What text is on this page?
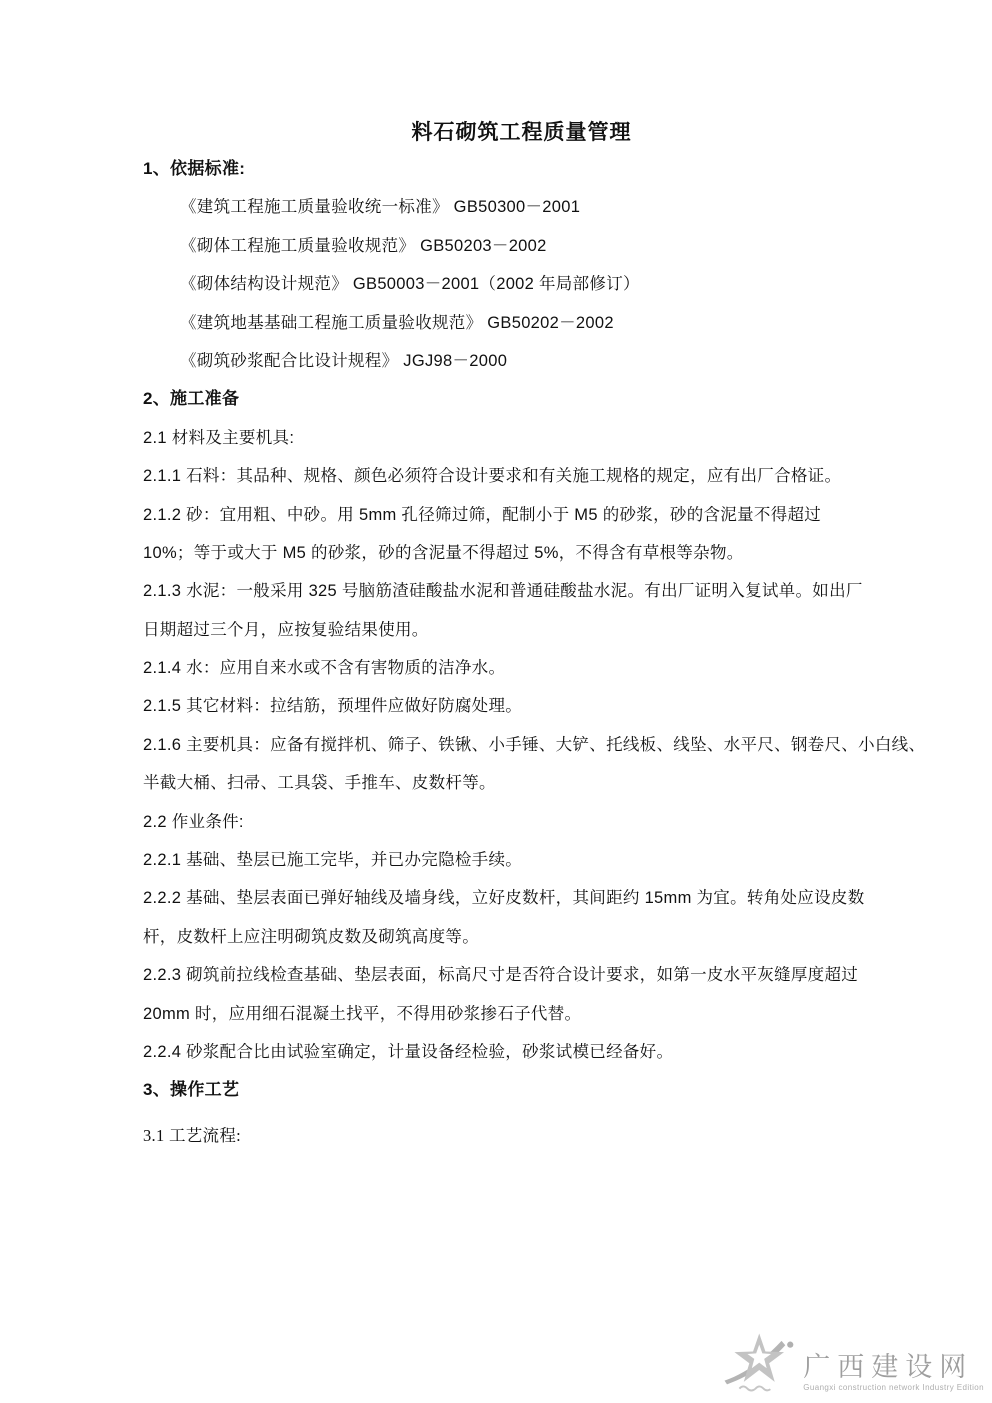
料石砌筑工程质量管理
1、依据标准:
《建筑工程施工质量验收统一标准》 GB50300－2001
《砌体工程施工质量验收规范》 GB50203－2002
《砌体结构设计规范》 GB50003－2001（2002 年局部修订）
《建筑地基基础工程施工质量验收规范》 GB50202－2002
《砌筑砂浆配合比设计规程》 JGJ98－2000
2、施工准备
2.1 材料及主要机具:
2.1.1 石料：其品种、规格、颜色必须符合设计要求和有关施工规格的规定，应有出厂合格证。
2.1.2 砂：宜用粗、中砂。用 5mm 孔径筛过筛，配制小于 M5 的砂浆，砂的含泥量不得超过
10%；等于或大于 M5 的砂浆，砂的含泥量不得超过 5%，不得含有草根等杂物。
2.1.3 水泥：一般采用 325 号脑筋渣硅酸盐水泥和普通硅酸盐水泥。有出厂证明入复试单。如出厂
日期超过三个月，应按复验结果使用。
2.1.4 水：应用自来水或不含有害物质的洁净水。
2.1.5 其它材料：拉结筋，预埋件应做好防腐处理。
2.1.6 主要机具：应备有搅拌机、筛子、铁锹、小手锤、大铲、托线板、线坠、水平尺、钢卷尺、小白线、
半截大桶、扫帚、工具袋、手推车、皮数杆等。
2.2 作业条件:
2.2.1 基础、垫层已施工完毕，并已办完隐检手续。
2.2.2 基础、垫层表面已弹好轴线及墙身线，立好皮数杆，其间距约 15mm 为宜。转角处应设皮数
杆，皮数杆上应注明砌筑皮数及砌筑高度等。
2.2.3 砌筑前拉线检查基础、垫层表面，标高尺寸是否符合设计要求，如第一皮水平灰缝厚度超过
20mm 时，应用细石混凝土找平，不得用砂浆掺石子代替。
2.2.4 砂浆配合比由试验室确定，计量设备经检验，砂浆试模已经备好。
3、操作工艺
3.1 工艺流程:
广西建设网
Guangxi construction network Industry Edition
